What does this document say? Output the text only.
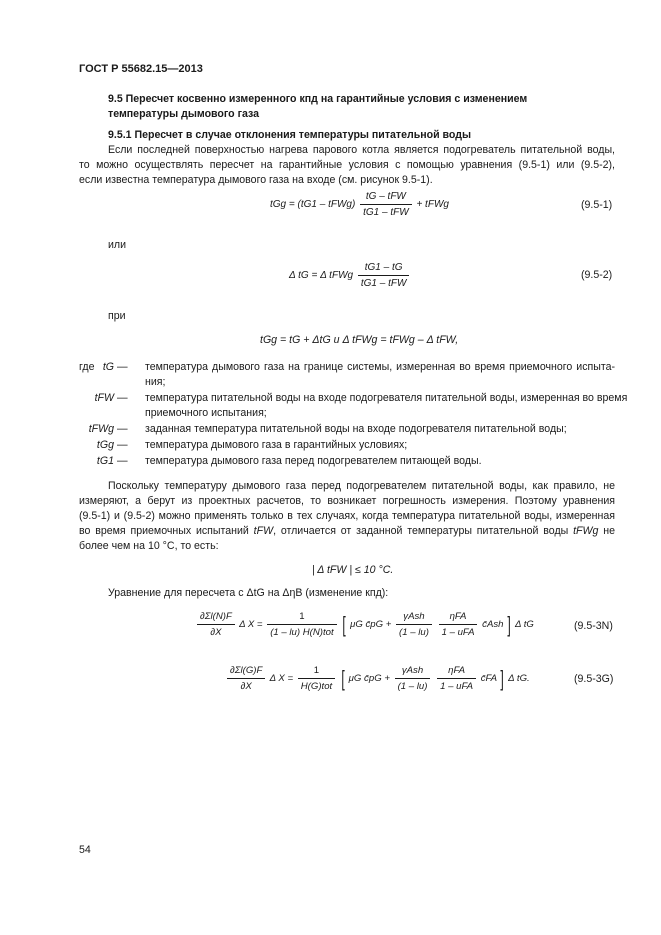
ГОСТ Р 55682.15—2013
9.5 Пересчет косвенно измеренного кпд на гарантийные условия с изменением
температуры дымового газа
9.5.1 Пересчет в случае отклонения температуры питательной воды
Если последней поверхностью нагрева парового котла является подогреватель питательной воды,
то можно осуществлять пересчет на гарантийные условия с помощью уравнения (9.5-1) или (9.5-2),
если известна температура дымового газа на входе (см. рисунок 9.5-1).
tGg = (tG1 – tFWg) $\frac{\text{tG – tFW}}{\text{tG1 – tFW}}$ + tFWg	(9.5-1)
или
Δ tG = Δ tFWg $\frac{tG1 - tG}{\text{tG1 – tFW}}$	(9.5-2)
при
tGg = tG + ΔtG u Δ tFWg = tFWg – Δ tFW,
где tG — температура дымового газа на границе системы, измеренная во время приемочного испыта-
ния;
tFW — температура питательной воды на входе подогревателя питательной воды, измеренная во время
приемочного испытания;
tFWg — заданная температура питательной воды на входе подогревателя питательной воды;
tGg — температура дымового газа в гарантийных условиях;
tG1 — температура дымового газа перед подогревателем питающей воды.
Поскольку температуру дымового газа перед подогревателем питательной воды, как правило, не
измеряют, а берут из проектных расчетов, то возникает погрешность измерения. Поэтому уравнения
(9.5-1) и (9.5-2) можно применять только в тех случаях, когда температура питательной воды, измеренная
во время приемочных испытаний tFW, отличается от заданной температуры питательной воды tFWg не
более чем на 10 °C, то есть:
| Δ tFW | ≤ 10 °C.
Уравнение для пересчета с ΔtG на ΔηB (изменение кпд):
$\frac{\partial\Sigma l(N)F}{\partial X}$ Δ $X = \frac{1}{\text{(1 – lu) H(N)tot}}$ [ μG c̄pG + $\frac{\text{γAsh}}{(1 - lu)}$
$\frac{\text{ηFA}}{\text{1 – uFA}}$ c̄Ash ] Δ tG	(9.5-3N)
$\frac{\partial\Sigma l(G)F}{\partial X}$ Δ $X = \frac{1}{\text{H(G)tot}}$ [ μG c̄pG + $\frac{\text{γAsh}}{(1 - lu)}$
$\frac{\text{ηFA}}{\text{1 – uFA}}$ c̄FA ] Δ tG.	(9.5-3G)
54
